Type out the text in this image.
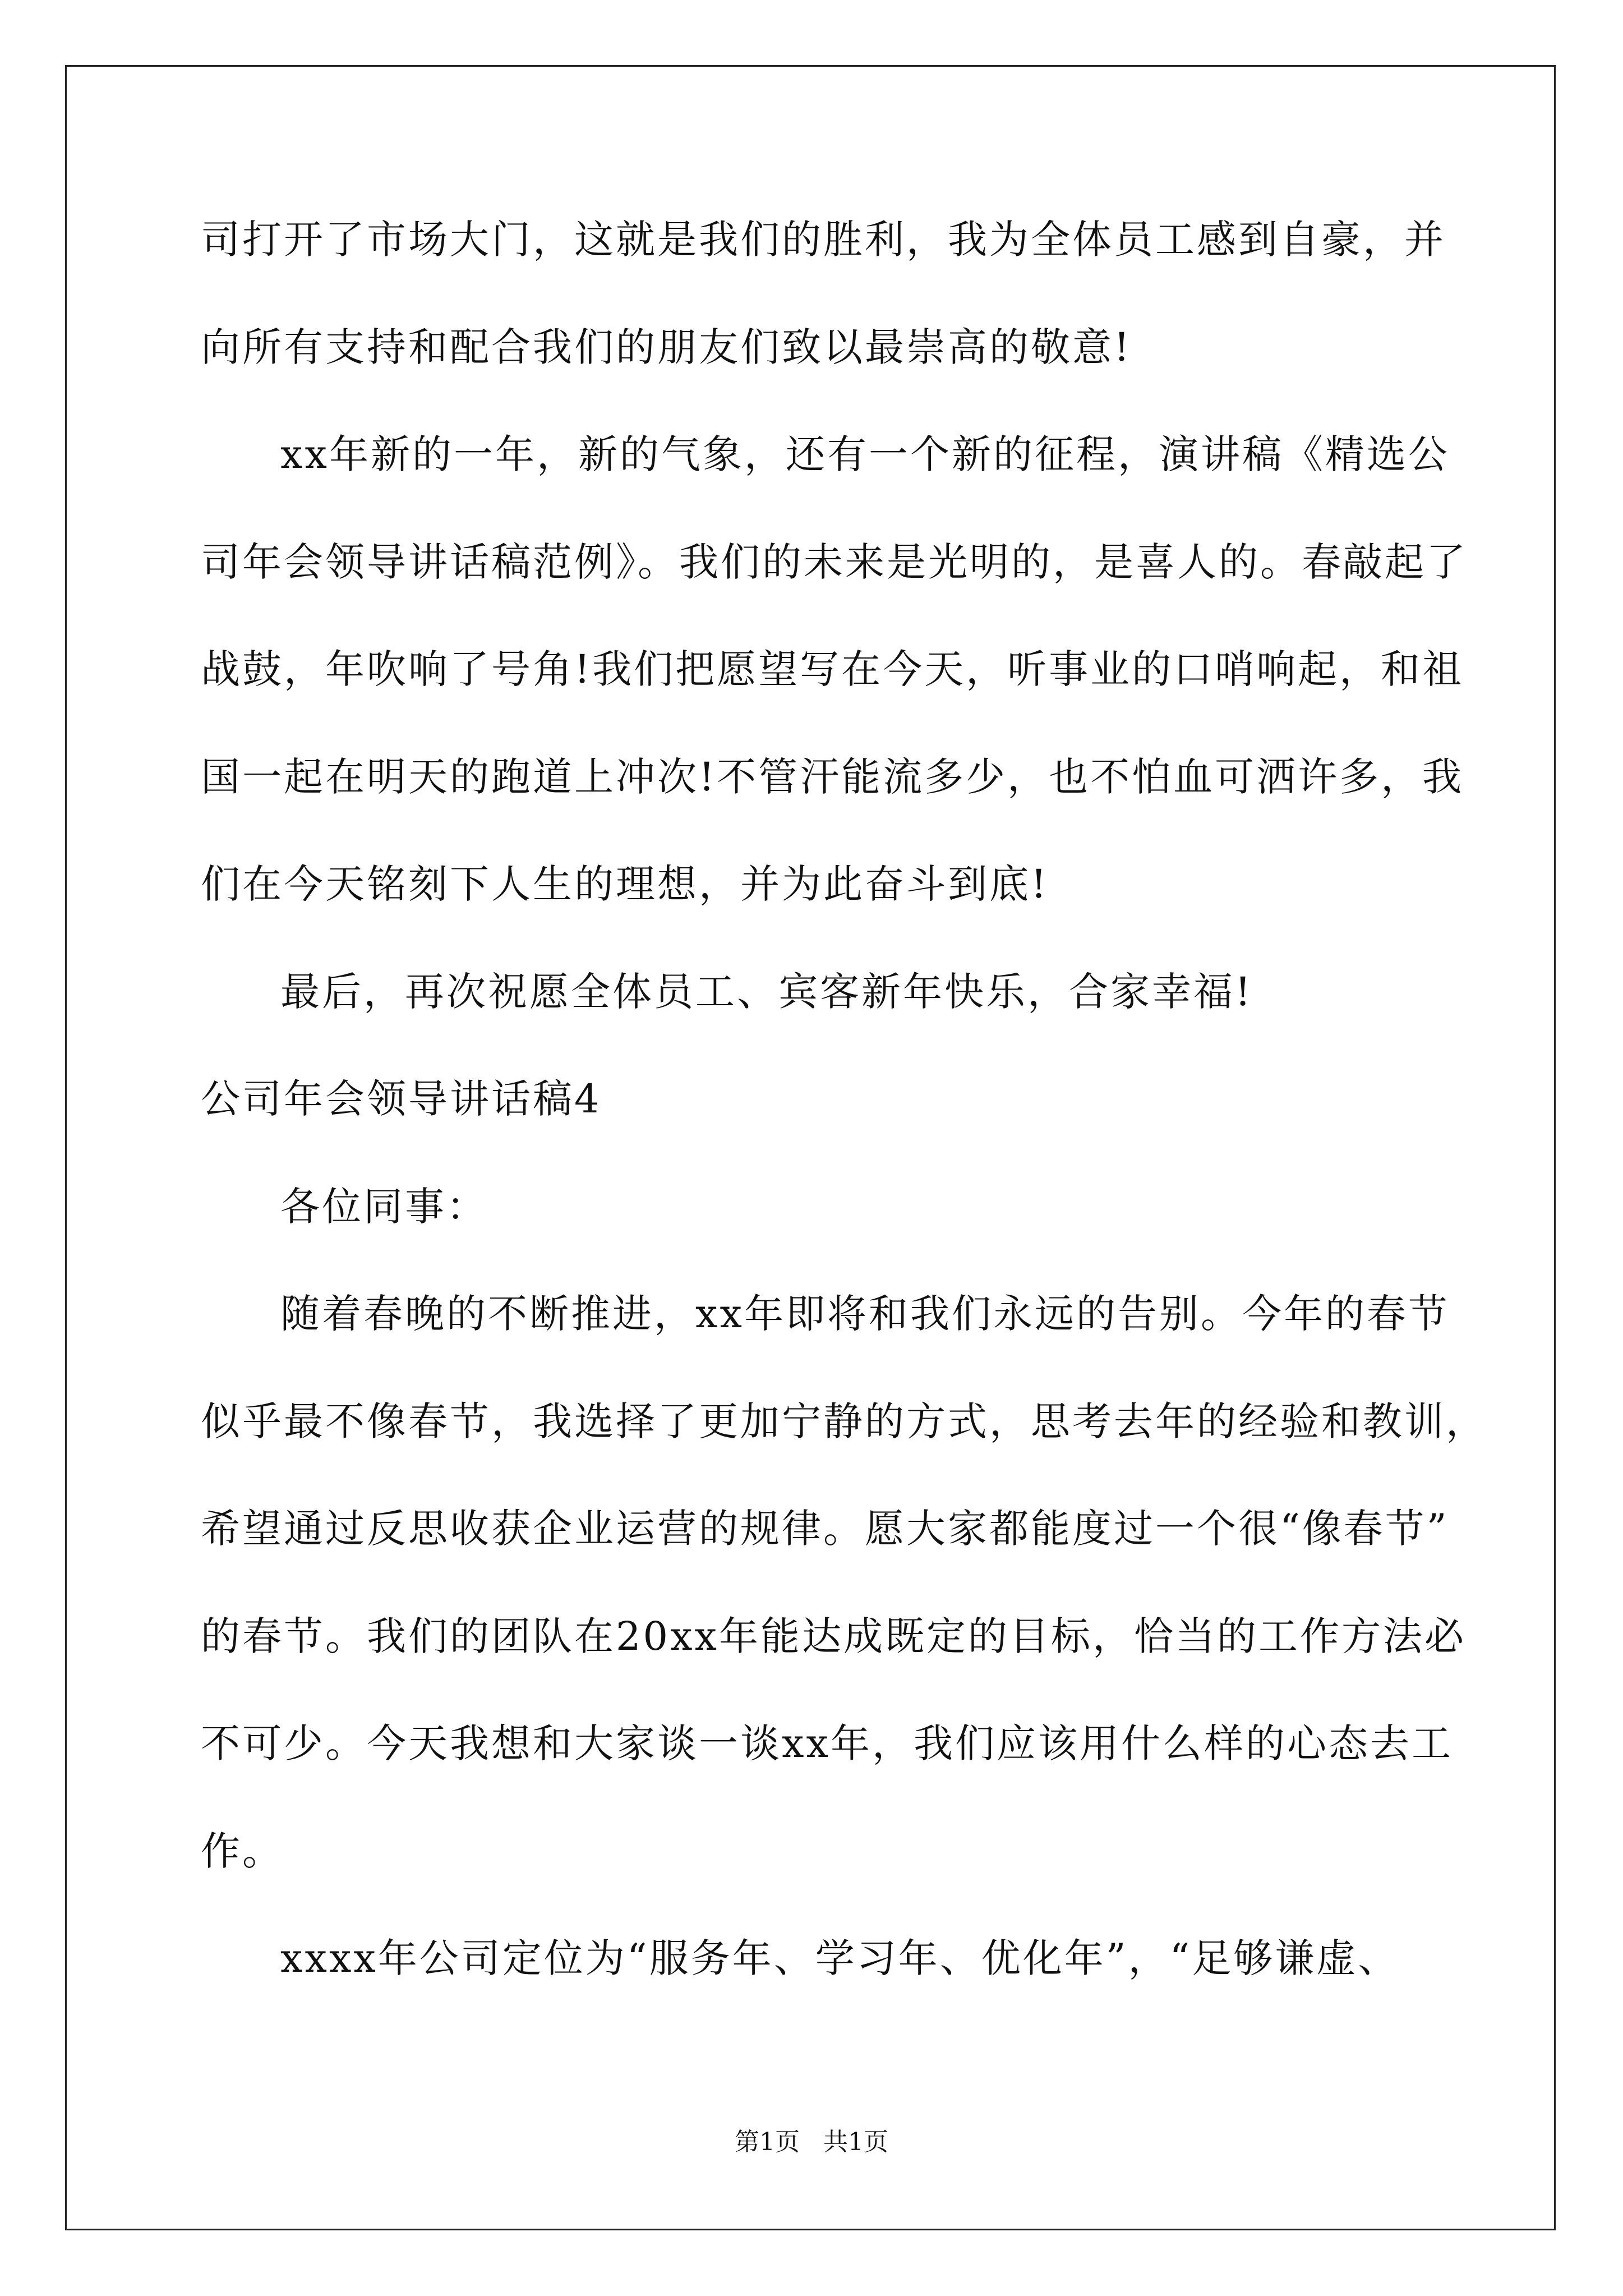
司打开了市场大门，这就是我们的胜利，我为全体员工感到自豪，并
向所有支持和配合我们的朋友们致以最崇高的敬意!
xx年新的一年，新的气象，还有一个新的征程，演讲稿《精选公
司年会领导讲话稿范例》。我们的未来是光明的，是喜人的。春敲起了
战鼓，年吹响了号角!我们把愿望写在今天，听事业的口哨响起，和祖
国一起在明天的跑道上冲次!不管汗能流多少，也不怕血可洒许多，我
们在今天铭刻下人生的理想，并为此奋斗到底!
最后，再次祝愿全体员工、宾客新年快乐，合家幸福!
公司年会领导讲话稿4
各位同事：
随着春晚的不断推进，xx年即将和我们永远的告别。今年的春节
似乎最不像春节，我选择了更加宁静的方式，思考去年的经验和教训，
希望通过反思收获企业运营的规律。愿大家都能度过一个很“像春节”
的春节。我们的团队在20xx年能达成既定的目标，恰当的工作方法必
不可少。今天我想和大家谈一谈xx年，我们应该用什么样的心态去工
作。
xxxx年公司定位为“服务年、学习年、优化年”，“足够谦虚、
第1页   共1页
